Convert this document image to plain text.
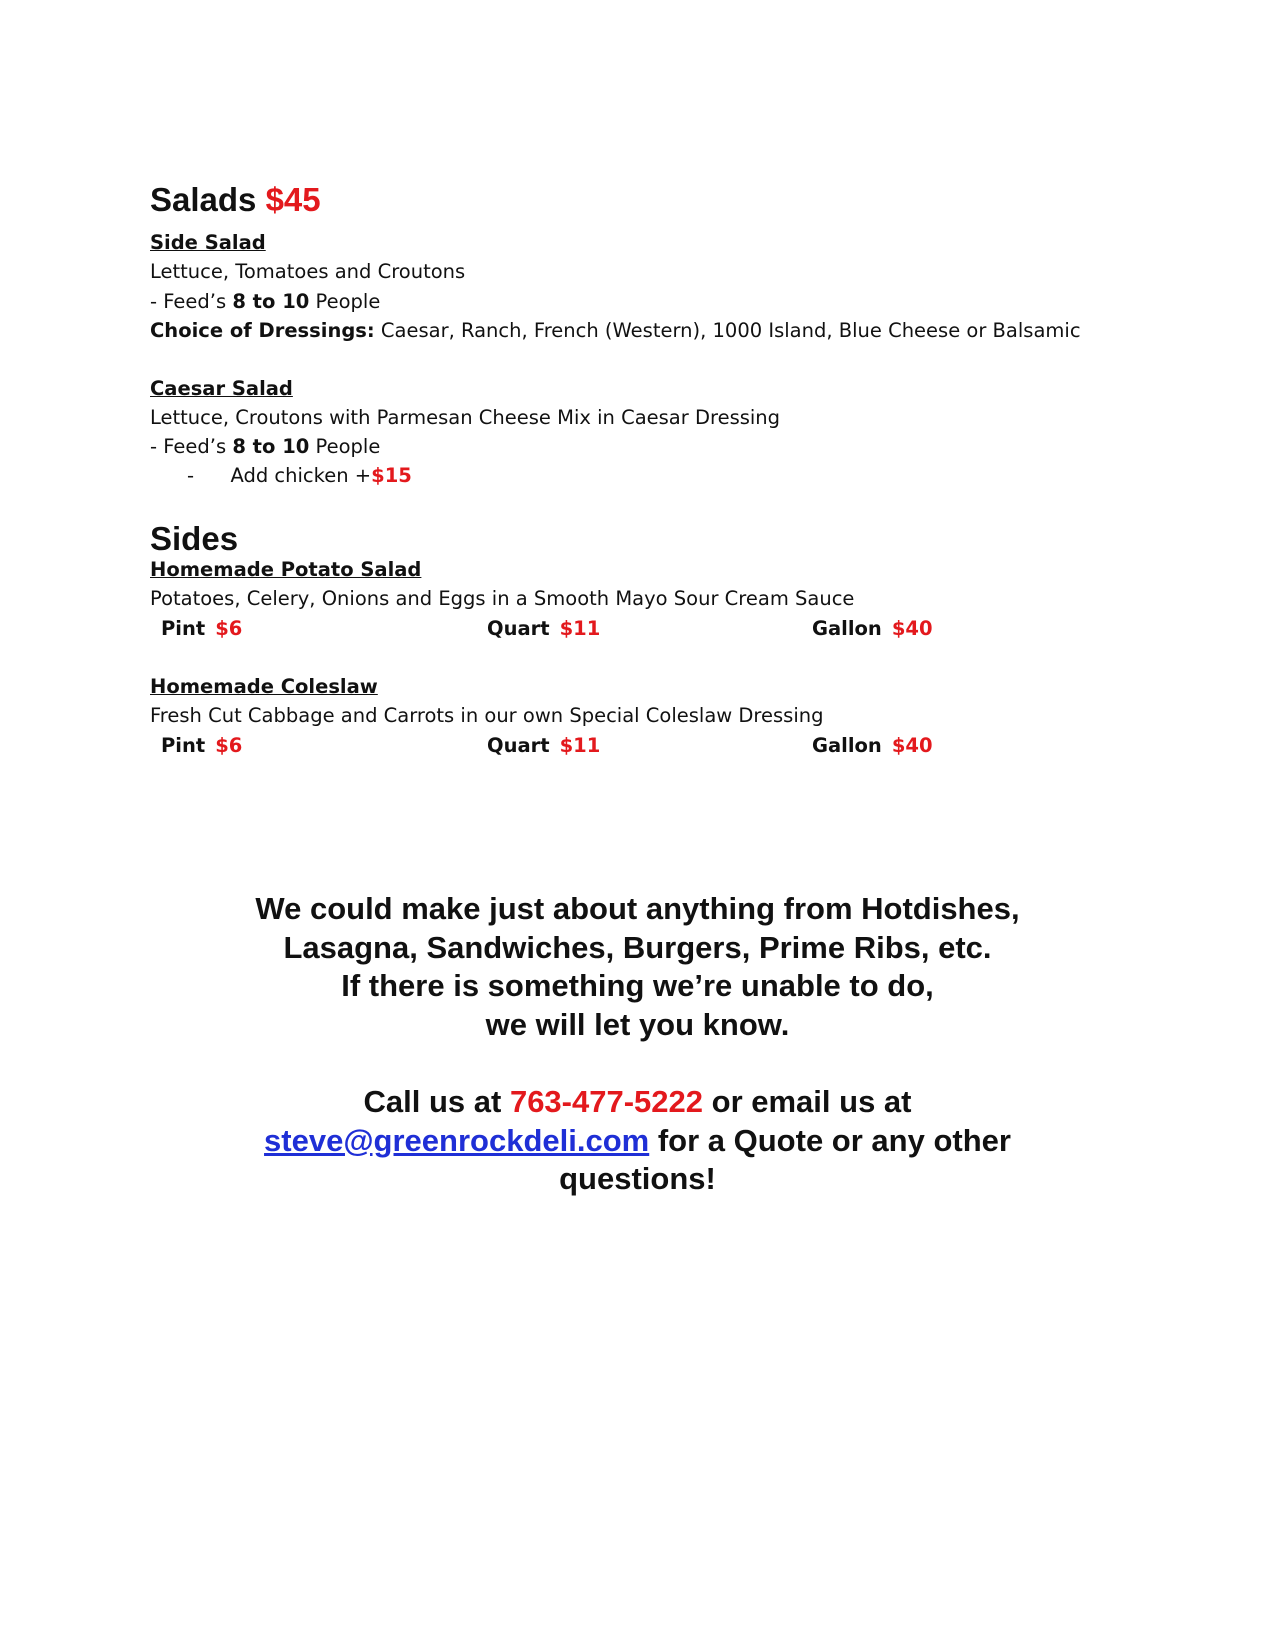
Salads $45

Side Salad

Lettuce, Tomatoes and Croutons

- Feed’s 8 to 10 People

Choice of Dressings: Caesar, Ranch, French (Western), 1000 Island, Blue Cheese or Balsamic

Caesar Salad

Lettuce, Croutons with Parmesan Cheese Mix in Caesar Dressing

- Feed’s 8 to 10 People

- Add chicken +$15

Sides

Homemade Potato Salad

Potatoes, Celery, Onions and Eggs in a Smooth Mayo Sour Cream Sauce

Pint $6	Quart $11	Gallon $40

Homemade Coleslaw

Fresh Cut Cabbage and Carrots in our own Special Coleslaw Dressing

Pint $6	Quart $11	Gallon $40
We could make just about anything from Hotdishes,
Lasagna, Sandwiches, Burgers, Prime Ribs, etc.
If there is something we’re unable to do,
we will let you know.
Call us at 763-477-5222 or email us at
steve@greenrockdeli.com for a Quote or any other
questions!
